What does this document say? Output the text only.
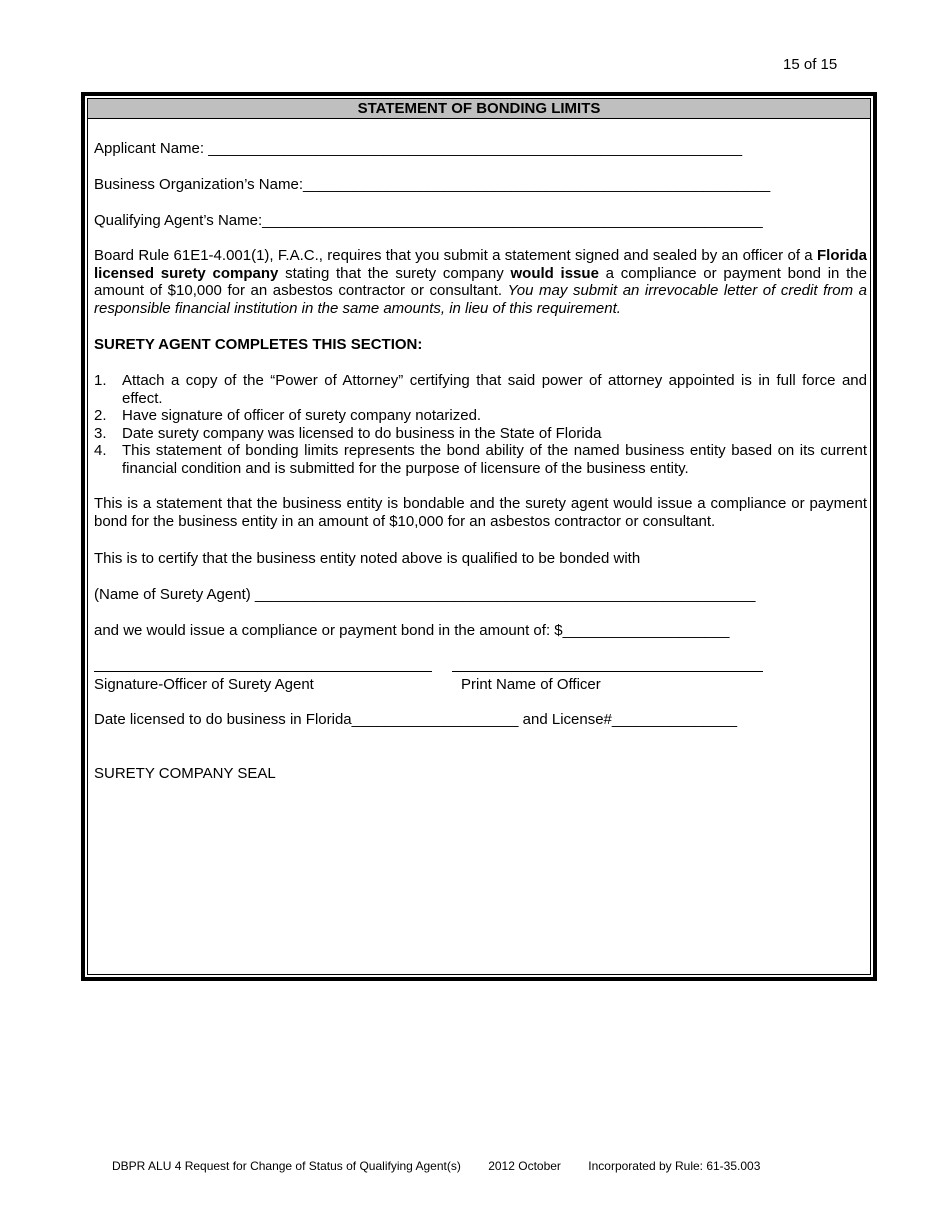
15 of 15
STATEMENT OF BONDING LIMITS
Applicant Name: ________________________________________________________________
Business Organization’s Name:________________________________________________________
Qualifying Agent’s Name:____________________________________________________________
Board Rule 61E1-4.001(1), F.A.C., requires that you submit a statement signed and sealed by an officer of a Florida licensed surety company stating that the surety company would issue a compliance or payment bond in the amount of $10,000 for an asbestos contractor or consultant. You may submit an irrevocable letter of credit from a responsible financial institution in the same amounts, in lieu of this requirement.
SURETY AGENT COMPLETES THIS SECTION:
1.	Attach a copy of the “Power of Attorney” certifying that said power of attorney appointed is in full force and effect.
2.	Have signature of officer of surety company notarized.
3.	Date surety company was licensed to do business in the State of Florida
4.	This statement of bonding limits represents the bond ability of the named business entity based on its current financial condition and is submitted for the purpose of licensure of the business entity.
This is a statement that the business entity is bondable and the surety agent would issue a compliance or payment bond for the business entity in an amount of $10,000 for an asbestos contractor or consultant.
This is to certify that the business entity noted above is qualified to be bonded with
(Name of Surety Agent) ____________________________________________________________
and we would issue a compliance or payment bond in the amount of: $____________________
Signature-Officer of Surety Agent	Print Name of Officer
Date licensed to do business in Florida____________________ and License#_______________
SURETY COMPANY SEAL
DBPR ALU 4 Request for Change of Status of Qualifying Agent(s) 2012 October Incorporated by Rule: 61-35.003
